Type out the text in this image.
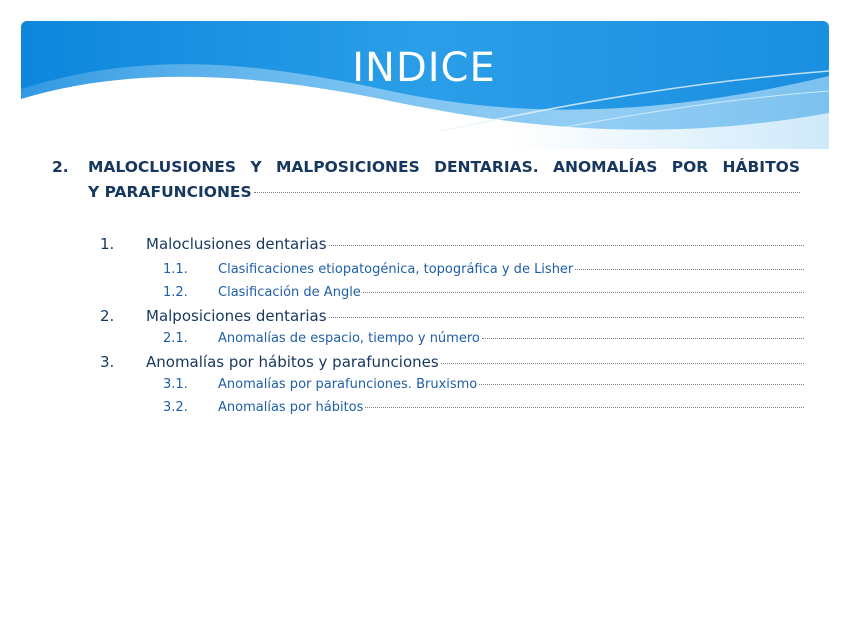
INDICE
2. MALOCLUSIONES Y MALPOSICIONES DENTARIAS. ANOMALÍAS POR HÁBITOS
Y PARAFUNCIONES
1.	Maloclusiones dentarias
1.1.	Clasificaciones etiopatogénica, topográfica y de Lisher
1.2.	Clasificación de Angle
2.	Malposiciones dentarias
2.1.	Anomalías de espacio, tiempo y número
3.	Anomalías por hábitos y parafunciones
3.1.	Anomalías por parafunciones. Bruxismo
3.2.	Anomalías por hábitos
